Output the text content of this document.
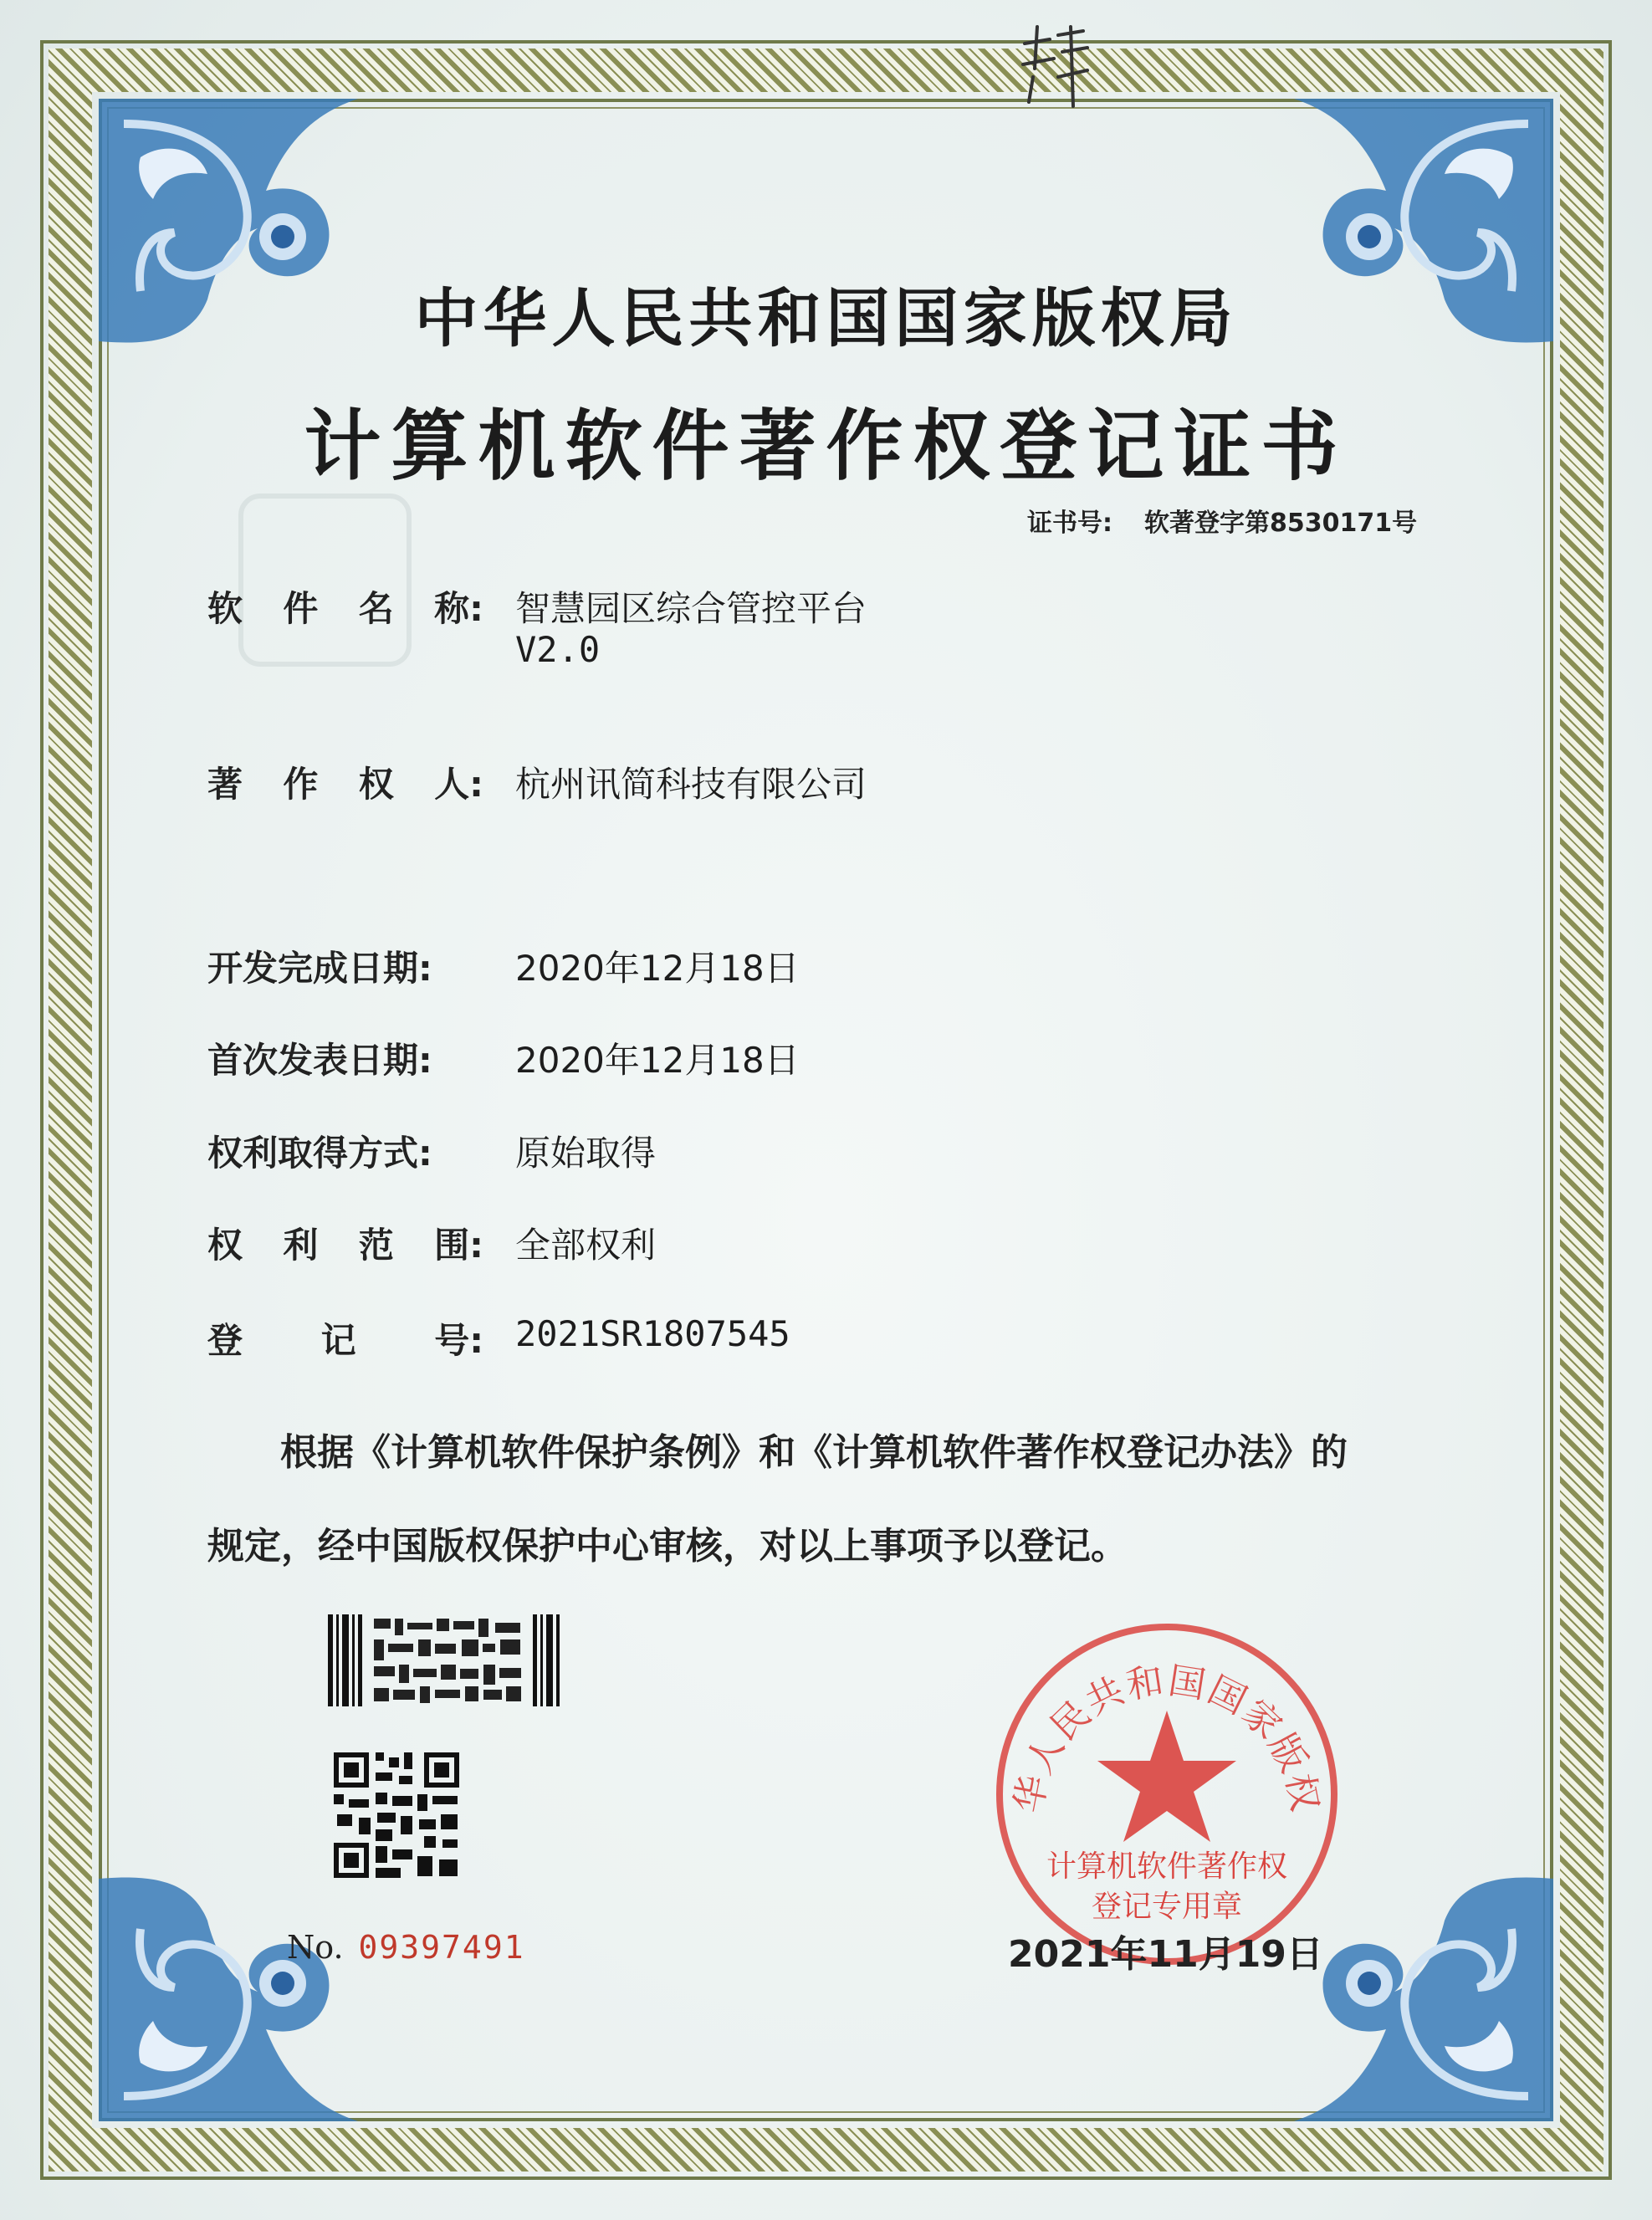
中华人民共和国国家版权局
计算机软件著作权登记证书
证书号: 软著登字第8530171号
软 件 名 称: 智慧园区综合管控平台
V2.0
著 作 权 人: 杭州讯简科技有限公司
开发完成日期:	2020年12月18日
首次发表日期:	2020年12月18日
权利取得方式:	原始取得
权 利 范 围: 全部权利
登 记 号: 2021SR1807545
根据《计算机软件保护条例》和《计算机软件著作权登记办法》的
规定，经中国版权保护中心审核，对以上事项予以登记。
No. 09397491
华人民共和国国家版权
计算机软件著作权
登记专用章
2021年11月19日
